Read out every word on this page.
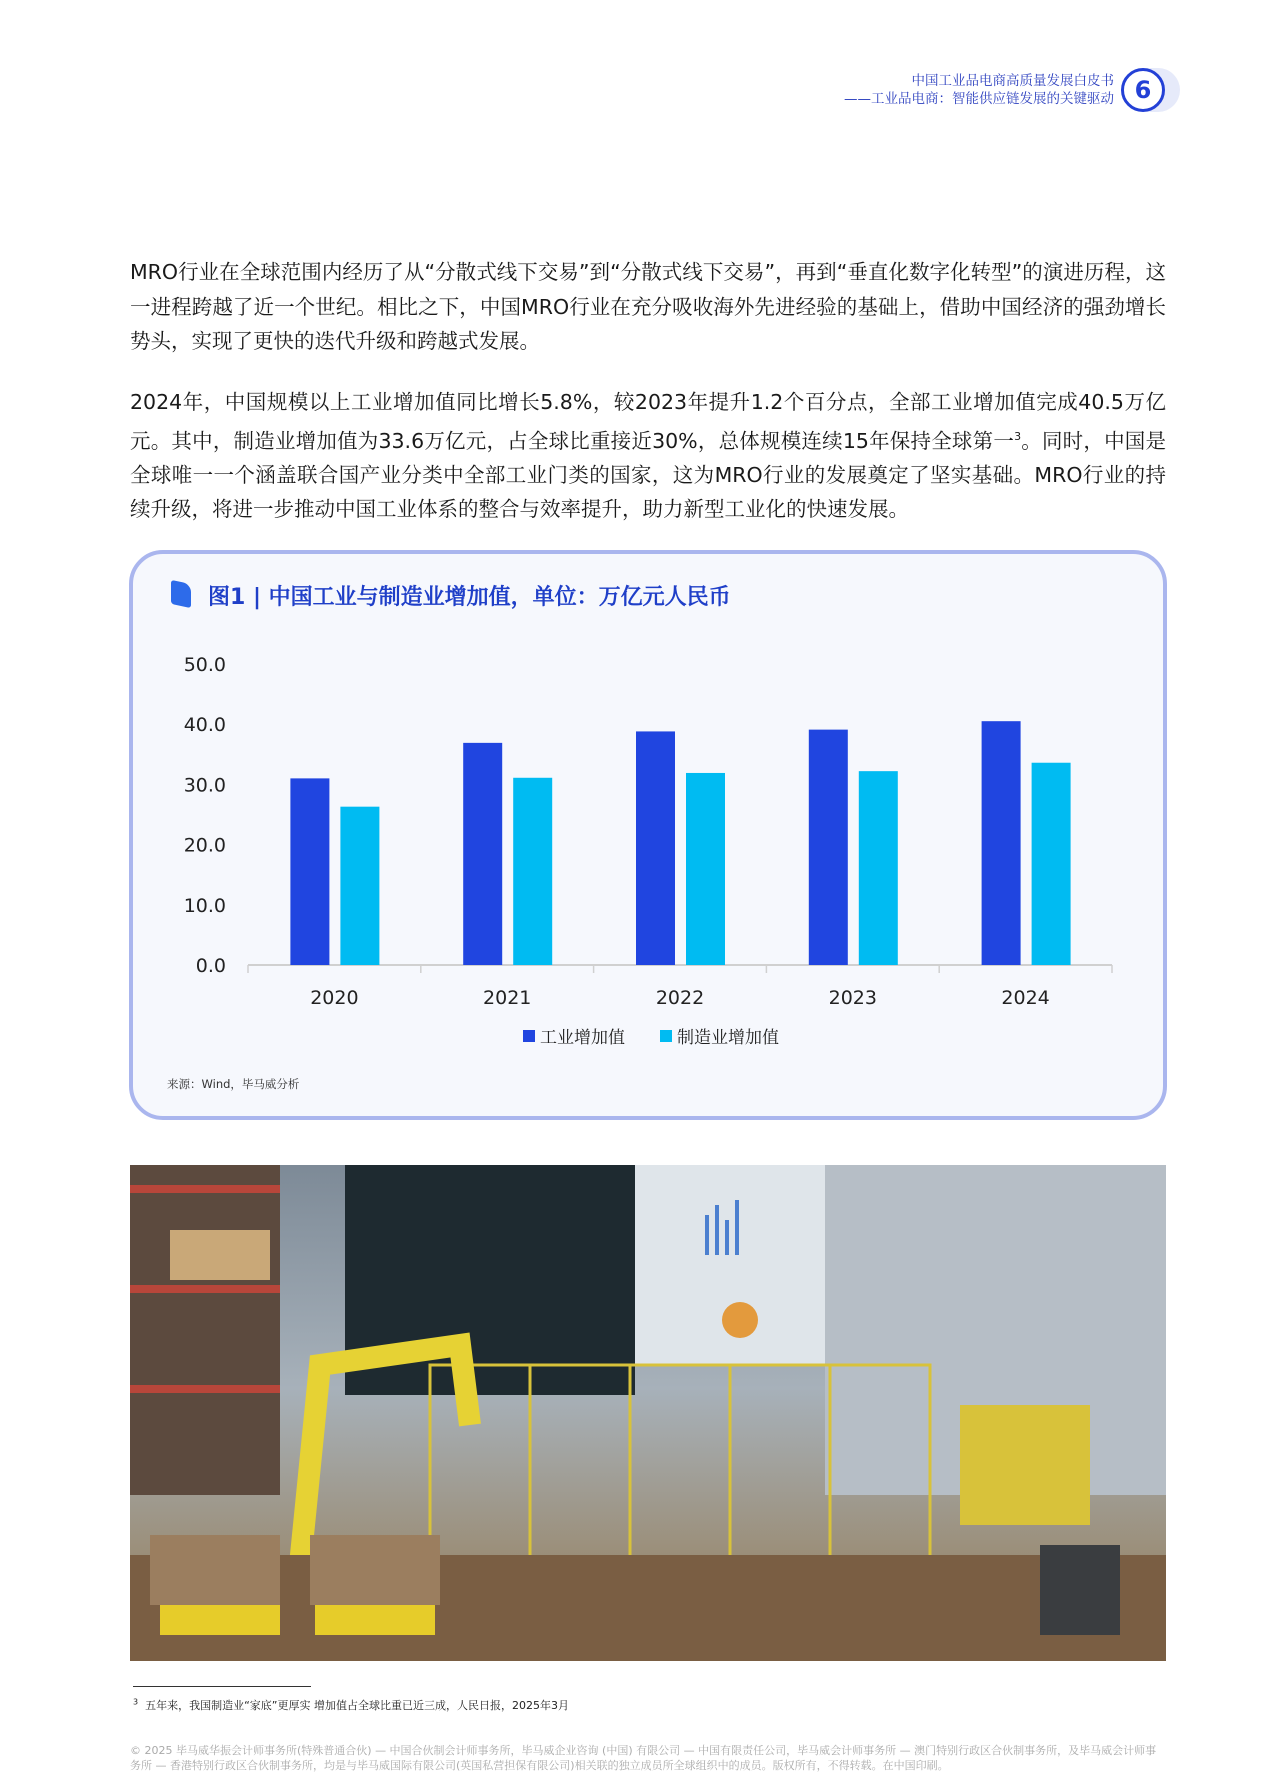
中国工业品电商高质量发展白皮书
——工业品电商：智能供应链发展的关键驱动 6
MRO行业在全球范围内经历了从“分散式线下交易”到“分散式线下交易”，再到“垂直化数字化转型”的演进历程，这一进程跨越了近一个世纪。相比之下，中国MRO行业在充分吸收海外先进经验的基础上，借助中国经济的强劲增长势头，实现了更快的迭代升级和跨越式发展。
2024年，中国规模以上工业增加值同比增长5.8%，较2023年提升1.2个百分点，全部工业增加值完成40.5万亿元。其中，制造业增加值为33.6万亿元，占全球比重接近30%，总体规模连续15年保持全球第一$^3$。同时，中国是全球唯一一个涵盖联合国产业分类中全部工业门类的国家，这为MRO行业的发展奠定了坚实基础。MRO行业的持续升级，将进一步推动中国工业体系的整合与效率提升，助力新型工业化的快速发展。
图1 | 中国工业与制造业增加值，单位：万亿元人民币
0.0
10.0
20.0
30.0
40.0
50.0
2020	2021	2022	2023	2024
工业增加值	制造业增加值
来源：Wind，毕马威分析
$^3$ 五年来，我国制造业“家底”更厚实 增加值占全球比重已近三成，人民日报，2025年3月
© 2025 毕马威华振会计师事务所(特殊普通合伙) — 中国合伙制会计师事务所，毕马威企业咨询 (中国) 有限公司 — 中国有限责任公司，毕马威会计师事务所 — 澳门特别行政区合伙制事务所，及毕马威会计师事务所 — 香港特别行政区合伙制事务所，均是与毕马威国际有限公司(英国私营担保有限公司)相关联的独立成员所全球组织中的成员。版权所有，不得转载。在中国印刷。
